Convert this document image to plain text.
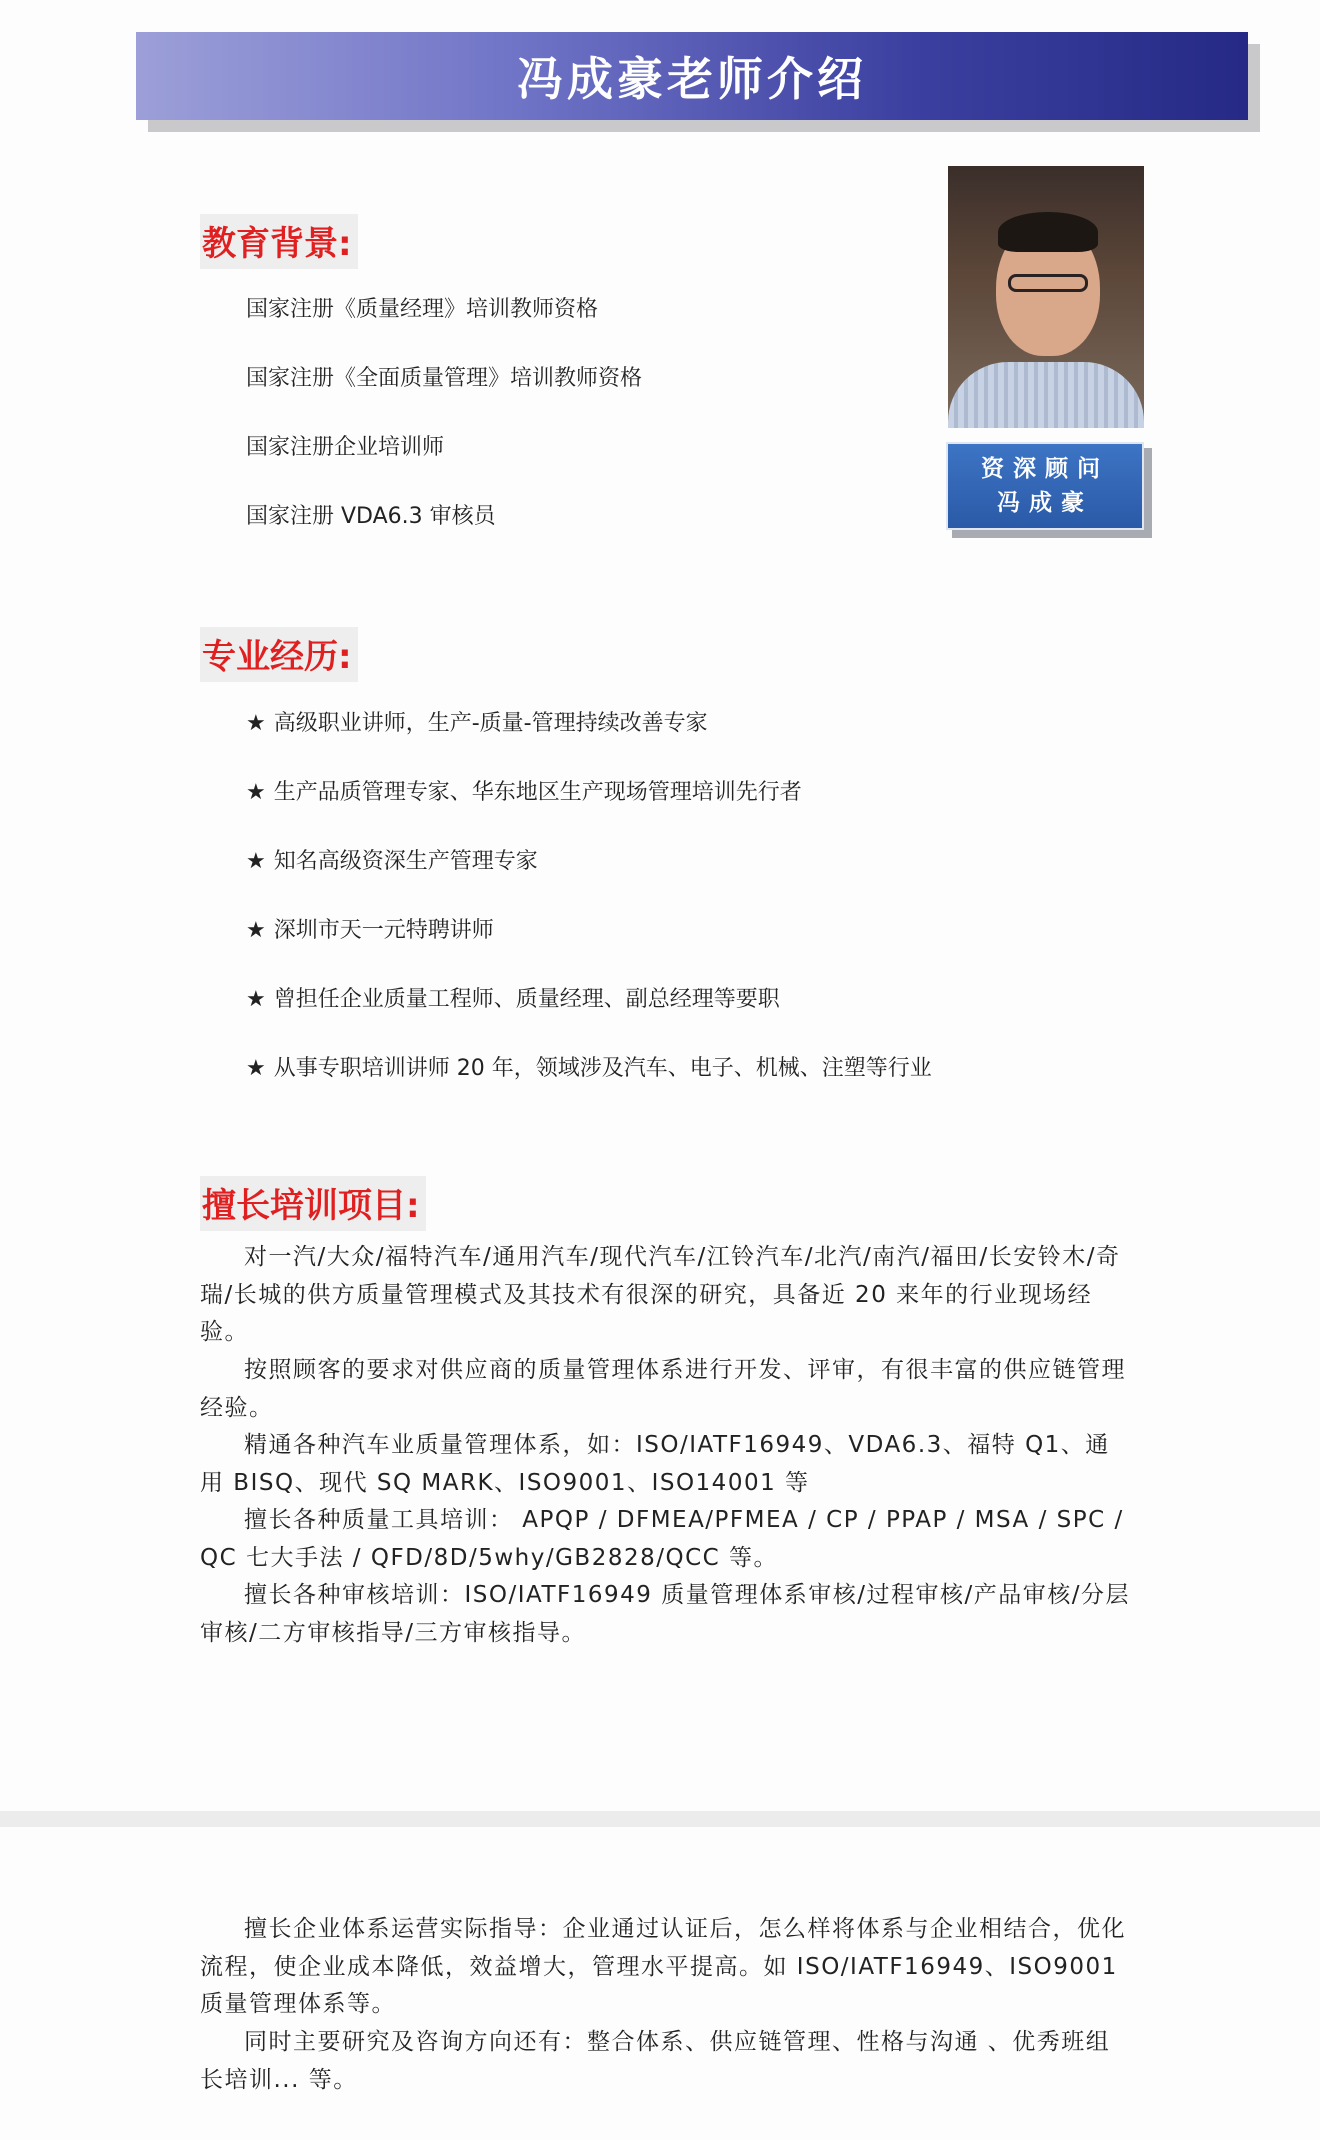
冯成豪老师介绍
资深顾问
冯成豪
教育背景:
国家注册《质量经理》培训教师资格
国家注册《全面质量管理》培训教师资格
国家注册企业培训师
国家注册 VDA6.3 审核员
专业经历:
★ 高级职业讲师，生产-质量-管理持续改善专家
★ 生产品质管理专家、华东地区生产现场管理培训先行者
★ 知名高级资深生产管理专家
★ 深圳市天一元特聘讲师
★ 曾担任企业质量工程师、质量经理、副总经理等要职
★ 从事专职培训讲师 20 年，领域涉及汽车、电子、机械、注塑等行业
擅长培训项目:

对一汽/大众/福特汽车/通用汽车/现代汽车/江铃汽车/北汽/南汽/福田/长安铃木/奇瑞/长城的供方质量管理模式及其技术有很深的研究，具备近 20 来年的行业现场经验。

按照顾客的要求对供应商的质量管理体系进行开发、评审，有很丰富的供应链管理经验。

精通各种汽车业质量管理体系，如：ISO/IATF16949、VDA6.3、福特 Q1、通用 BISQ、现代 SQ MARK、ISO9001、ISO14001 等

擅长各种质量工具培训： APQP / DFMEA/PFMEA / CP / PPAP / MSA / SPC / QC 七大手法 / QFD/8D/5why/GB2828/QCC 等。

擅长各种审核培训：ISO/IATF16949 质量管理体系审核/过程审核/产品审核/分层审核/二方审核指导/三方审核指导。

擅长企业体系运营实际指导：企业通过认证后，怎么样将体系与企业相结合，优化流程，使企业成本降低，效益增大，管理水平提高。如 ISO/IATF16949、ISO9001 质量管理体系等。

同时主要研究及咨询方向还有：整合体系、供应链管理、性格与沟通 、优秀班组长培训... 等。
